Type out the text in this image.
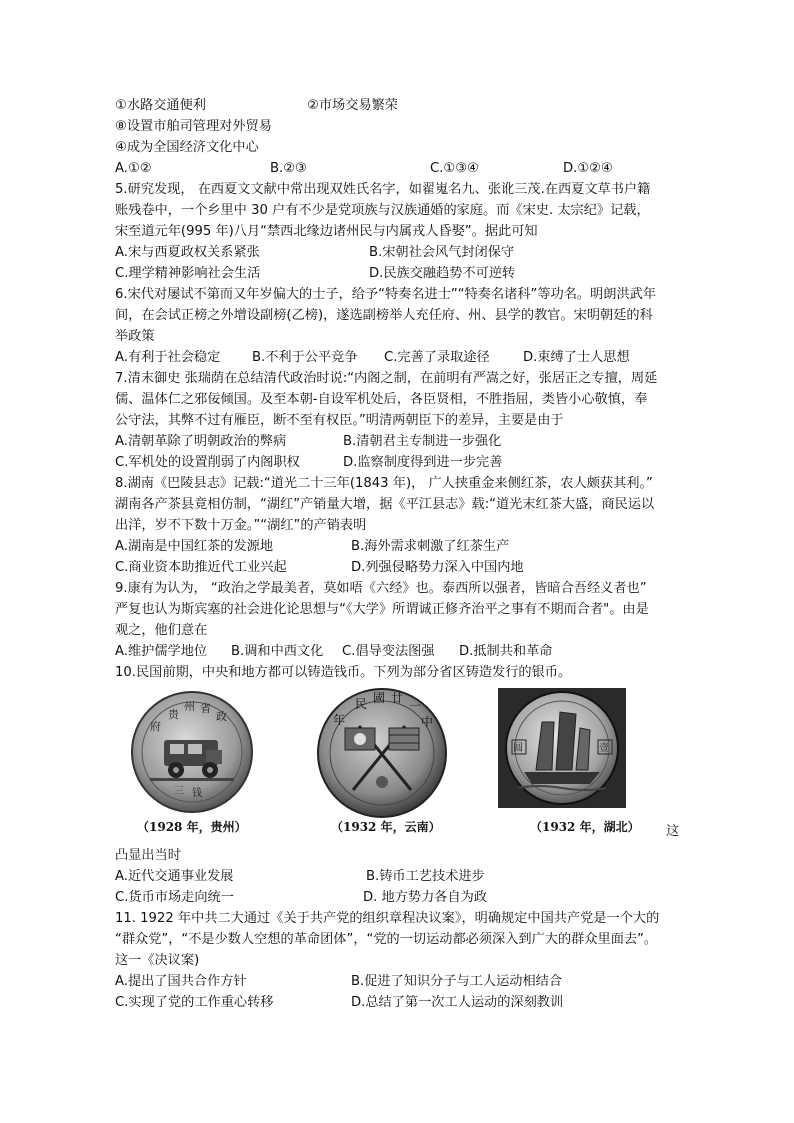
①水路交通便利	②市场交易繁荣
⑧设置市舶司管理对外贸易
④成为全国经济文化中心
A.①②	B.②③	C.①③④	D.①②④
5.研究发现， 在西夏文文献中常出现双姓氏名字，如翟嵬名九、张讹三茂.在西夏文草书户籍
账残卷中，一个乡里中 30 户有不少是党项族与汉族通婚的家庭。而《宋史. 太宗纪》记载，
宋至道元年(995 年)八月“禁西北缘边诸州民与内属戎人昏娶”。据此可知
A.宋与西夏政权关系紧张	B.宋朝社会风气封闭保守
C.理学精神影响社会生活	D.民族交融趋势不可逆转
6.宋代对屡试不第而又年岁偏大的士子，给予“特奏名进士”“特奏名诸科”等功名。明朗洪武年
间，在会试正榜之外增设副榜(乙榜)，遂选副榜举人充任府、州、县学的教官。宋明朝廷的科
举政策
A.有利于社会稳定 B.不利于公平竞争 C.完善了录取途径	D.束缚了士人思想
7.清末御史 张瑞荫在总结清代政治时说:“内阁之制，在前明有严嵩之好，张居正之专擅，周延
儒、温体仁之邪佞倾国。及至本朝-自设军机处后，各臣贤相，不胜指屈，类皆小心敬慎，奉
公守法，其弊不过有雁臣，断不至有权臣。”明清两朝臣下的差异，主要是由于
A.清朝革除了明朝政治的弊病	B.清朝君主专制进一步强化
C.军机处的设置削弱了内阁职权	D.监察制度得到进一步完善
8.湖南《巴陵县志》记载:“道光二十三年(1843 年)， 广人挟重金来侧红茶，农人颇获其利。”
湖南各产茶县竟相仿制，“湖红”产销量大增，据《平江县志》载:“道光末红茶大盛，商民运以
出洋，岁不下数十万金。”“湖红”的产销表明
A.湖南是中国红茶的发源地	B.海外需求刺激了红茶生产
C.商业资本助推近代工业兴起	D.列强侵略势力深入中国内地
9.康有为认为， “政治之学最美者，莫如唔《六经》也。泰西所以强者，皆暗合吾经义者也”
严复也认为斯宾塞的社会进化论思想与“《大学》所谓诚正修齐治平之事有不期而合者"。由是
观之，他们意在
A.维护儒学地位 B.调和中西文化 C.倡导变法图强 D.抵制共和革命
10.民国前期，中央和地方都可以铸造钱币。下列为部分省区铸造发行的银币。
贵
州 省
政
府
三 钱
民 國 廿
一
年	中
圆	壹
（1928 年，贵州）	（1932 年，云南）	（1932 年，湖北） 这
凸显出当时
A.近代交通事业发展	B.铸币工艺技术进步
C.货币市场走向统一	D. 地方势力各自为政
11. 1922 年中共二大通过《关于共产党的组织章程决议案》，明确规定中国共产党是一个大的
“群众党”，“不是少数人空想的革命团体”，“党的一切运动都必须深入到广大的群众里面去”。
这一《决议案)
A.提出了国共合作方针	B.促进了知识分子与工人运动相结合
C.实现了党的工作重心转移	D.总结了第一次工人运动的深刻教训
